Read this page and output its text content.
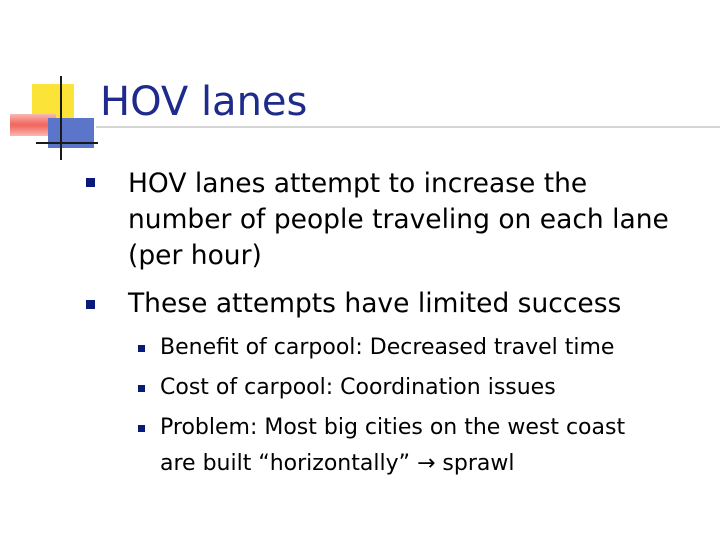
HOV lanes
HOV lanes attempt to increase the
number of people traveling on each lane
(per hour)
These attempts have limited success
Benefit of carpool: Decreased travel time
Cost of carpool: Coordination issues
Problem: Most big cities on the west coast
are built “horizontally” → sprawl
